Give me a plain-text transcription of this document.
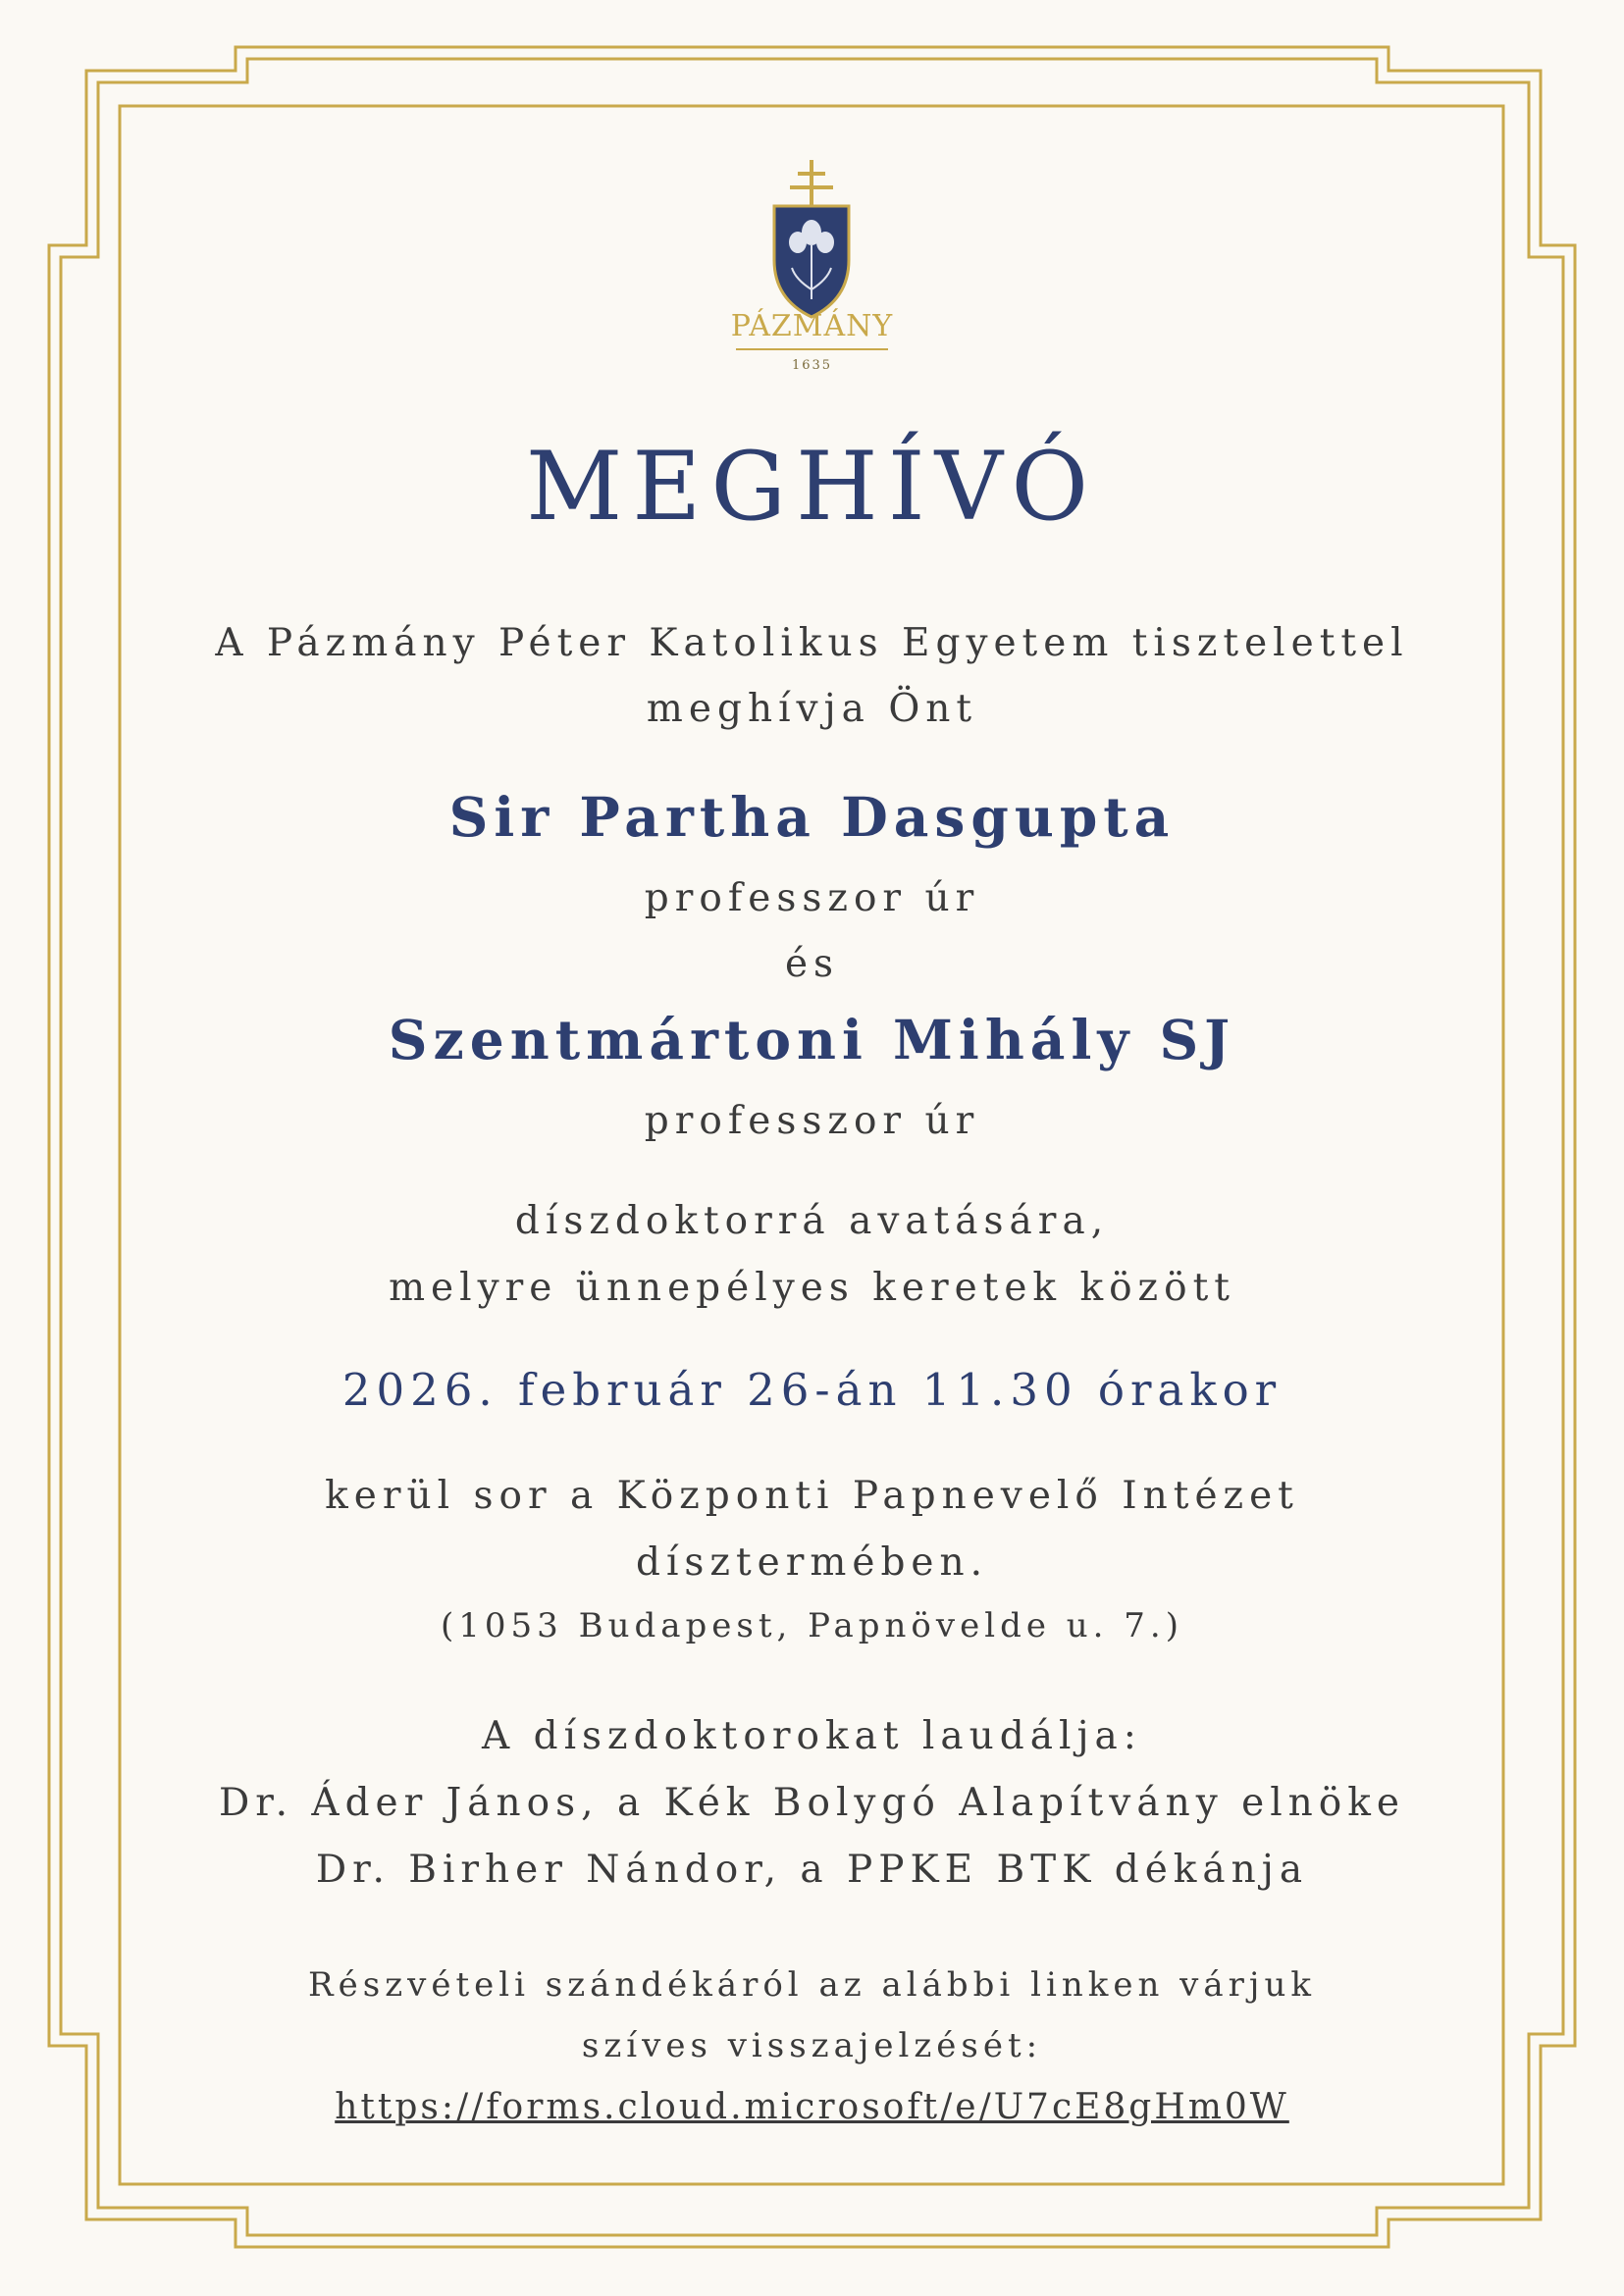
PÁZMÁNY
1635
MEGHÍVÓ
A Pázmány Péter Katolikus Egyetem tisztelettel
meghívja Önt
Sir Partha Dasgupta
professzor úr
és
Szentmártoni Mihály SJ
professzor úr
díszdoktorrá avatására,
melyre ünnepélyes keretek között
2026. február 26-án 11.30 órakor
kerül sor a Központi Papnevelő Intézet
dísztermében.
(1053 Budapest, Papnövelde u. 7.)
A díszdoktorokat laudálja:
Dr. Áder János, a Kék Bolygó Alapítvány elnöke
Dr. Birher Nándor, a PPKE BTK dékánja
Részvételi szándékáról az alábbi linken várjuk
szíves visszajelzését:
https://forms.cloud.microsoft/e/U7cE8gHm0W
